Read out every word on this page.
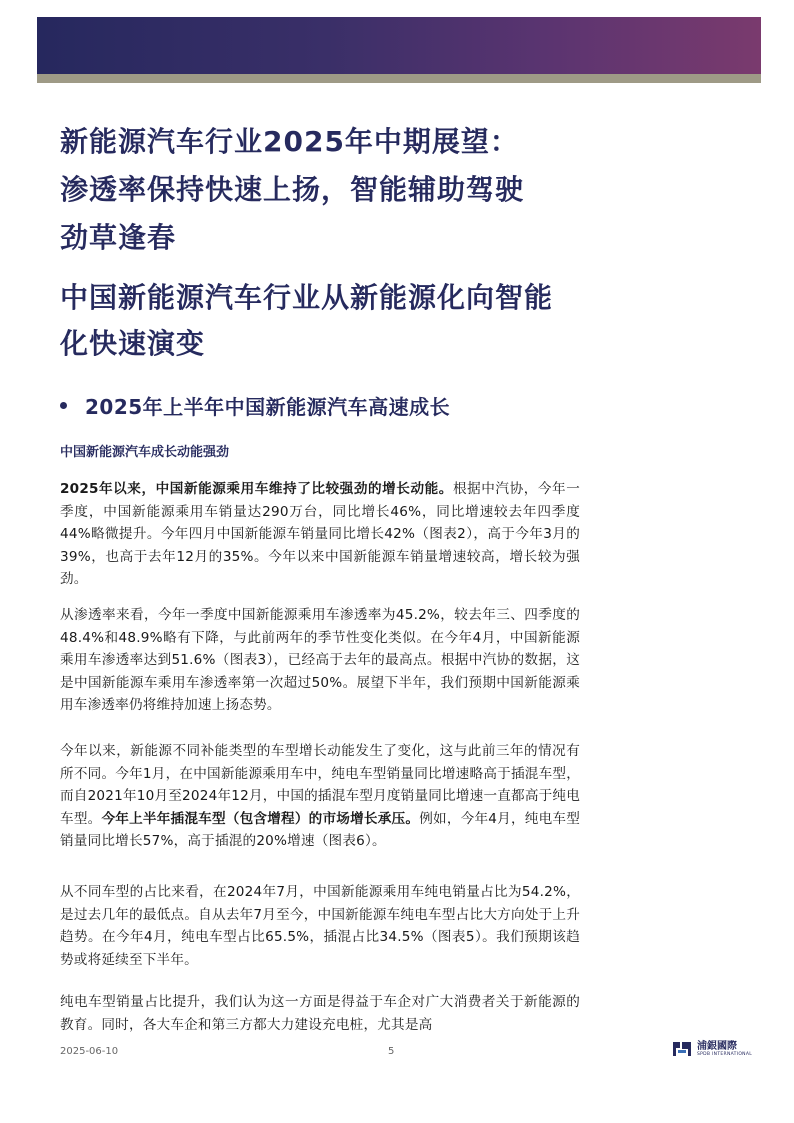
新能源汽车行业2025年中期展望：
渗透率保持快速上扬，智能辅助驾驶
劲草逢春
中国新能源汽车行业从新能源化向智能
化快速演变
2025年上半年中国新能源汽车高速成长
中国新能源汽车成长动能强劲
2025年以来，中国新能源乘用车维持了比较强劲的增长动能。根据中汽协，今年一季度，中国新能源乘用车销量达290万台，同比增长46%，同比增速较去年四季度44%略微提升。今年四月中国新能源车销量同比增长42%（图表2），高于今年3月的39%，也高于去年12月的35%。今年以来中国新能源车销量增速较高，增长较为强劲。
从渗透率来看，今年一季度中国新能源乘用车渗透率为45.2%，较去年三、四季度的48.4%和48.9%略有下降，与此前两年的季节性变化类似。在今年4月，中国新能源乘用车渗透率达到51.6%（图表3），已经高于去年的最高点。根据中汽协的数据，这是中国新能源车乘用车渗透率第一次超过50%。展望下半年，我们预期中国新能源乘用车渗透率仍将维持加速上扬态势。
今年以来，新能源不同补能类型的车型增长动能发生了变化，这与此前三年的情况有所不同。今年1月，在中国新能源乘用车中，纯电车型销量同比增速略高于插混车型，而自2021年10月至2024年12月，中国的插混车型月度销量同比增速一直都高于纯电车型。今年上半年插混车型（包含增程）的市场增长承压。例如，今年4月，纯电车型销量同比增长57%，高于插混的20%增速（图表6）。
从不同车型的占比来看，在2024年7月，中国新能源乘用车纯电销量占比为54.2%，是过去几年的最低点。自从去年7月至今，中国新能源车纯电车型占比大方向处于上升趋势。在今年4月，纯电车型占比65.5%，插混占比34.5%（图表5）。我们预期该趋势或将延续至下半年。
纯电车型销量占比提升，我们认为这一方面是得益于车企对广大消费者关于新能源的教育。同时，各大车企和第三方都大力建设充电桩，尤其是高
2025-06-10	5	浦銀國際
SPDB INTERNATIONAL
